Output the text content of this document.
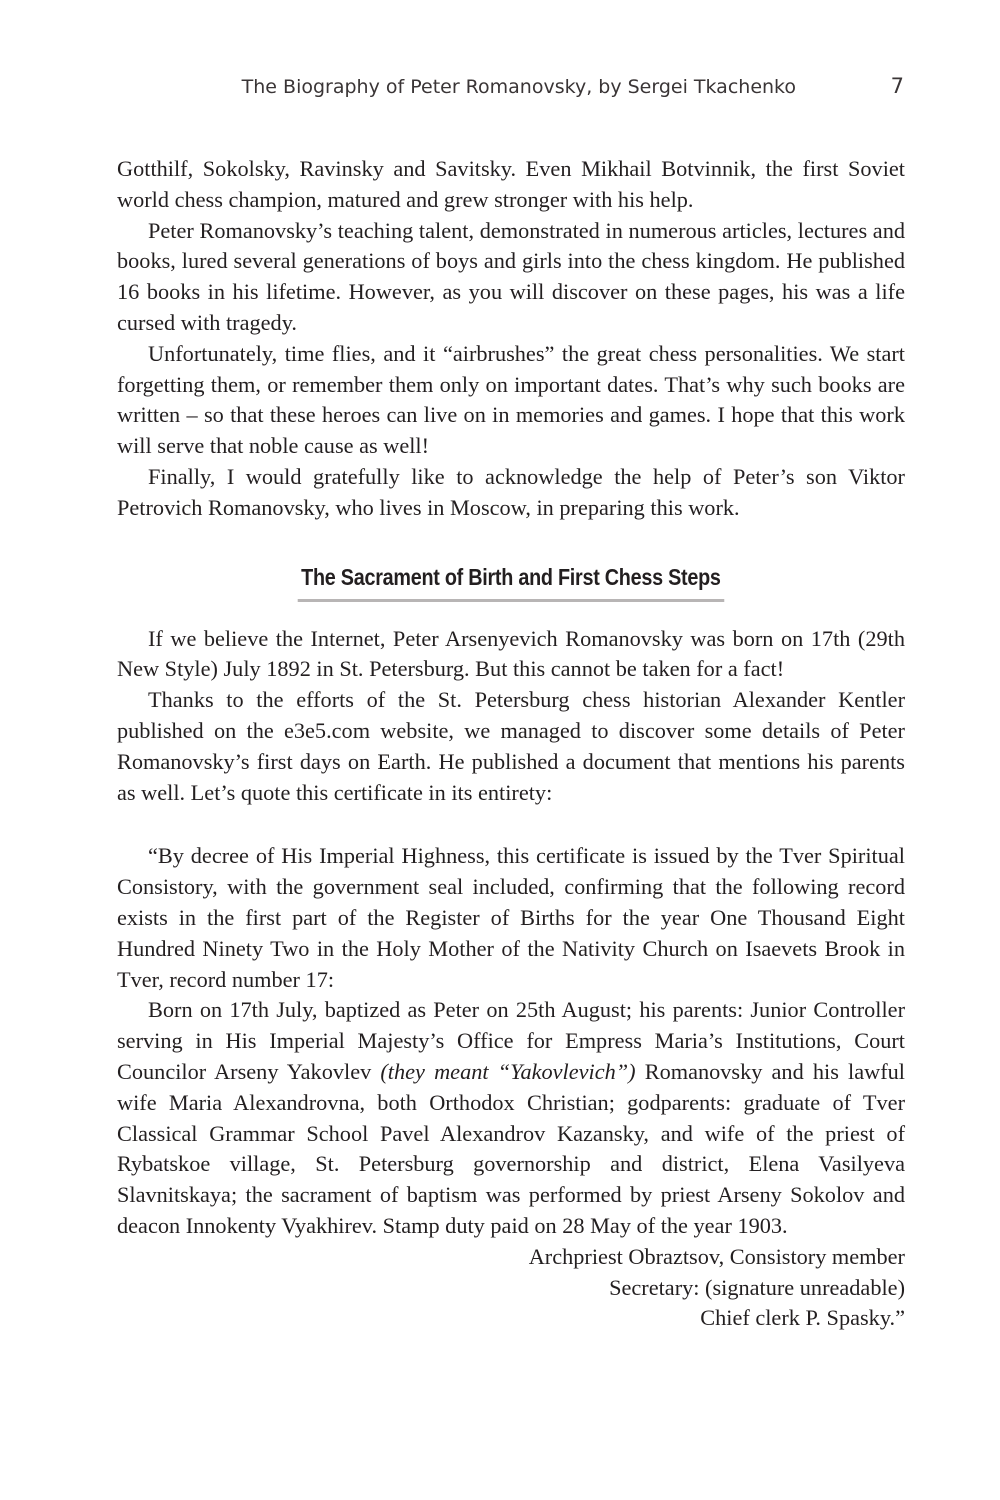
The Biography of Peter Romanovsky, by Sergei Tkachenko	7

Gotthilf, Sokolsky, Ravinsky and Savitsky. Even Mikhail Botvinnik, the first Soviet world chess champion, matured and grew stronger with his help.

Peter Romanovsky’s teaching talent, demonstrated in numerous articles, lectures and books, lured several generations of boys and girls into the chess kingdom. He published 16 books in his lifetime. However, as you will discover on these pages, his was a life cursed with tragedy.

Unfortunately, time flies, and it “airbrushes” the great chess personalities. We start forgetting them, or remember them only on important dates. That’s why such books are written – so that these heroes can live on in memories and games. I hope that this work will serve that noble cause as well!

Finally, I would gratefully like to acknowledge the help of Peter’s son Viktor Petrovich Romanovsky, who lives in Moscow, in preparing this work.

The Sacrament of Birth and First Chess Steps

If we believe the Internet, Peter Arsenyevich Romanovsky was born on 17th (29th New Style) July 1892 in St. Petersburg. But this cannot be taken for a fact!

Thanks to the efforts of the St. Petersburg chess historian Alexander Kentler published on the e3e5.com website, we managed to discover some details of Peter Romanovsky’s first days on Earth. He published a document that mentions his parents as well. Let’s quote this certificate in its entirety:

“By decree of His Imperial Highness, this certificate is issued by the Tver Spiritual Consistory, with the government seal included, confirming that the following record exists in the first part of the Register of Births for the year One Thousand Eight Hundred Ninety Two in the Holy Mother of the Nativity Church on Isaevets Brook in Tver, record number 17:

Born on 17th July, baptized as Peter on 25th August; his parents: Junior Controller serving in His Imperial Majesty’s Office for Empress Maria’s Institutions, Court Councilor Arseny Yakovlev (they meant “Yakovlevich”) Romanovsky and his lawful wife Maria Alexandrovna, both Orthodox Christian; godparents: graduate of Tver Classical Grammar School Pavel Alexandrov Kazansky, and wife of the priest of Rybatskoe village, St. Petersburg governorship and district, Elena Vasilyeva Slavnitskaya; the sacrament of baptism was performed by priest Arseny Sokolov and deacon Innokenty Vyakhirev. Stamp duty paid on 28 May of the year 1903.

Archpriest Obraztsov, Consistory member

Secretary: (signature unreadable)

Chief clerk P. Spasky.”
